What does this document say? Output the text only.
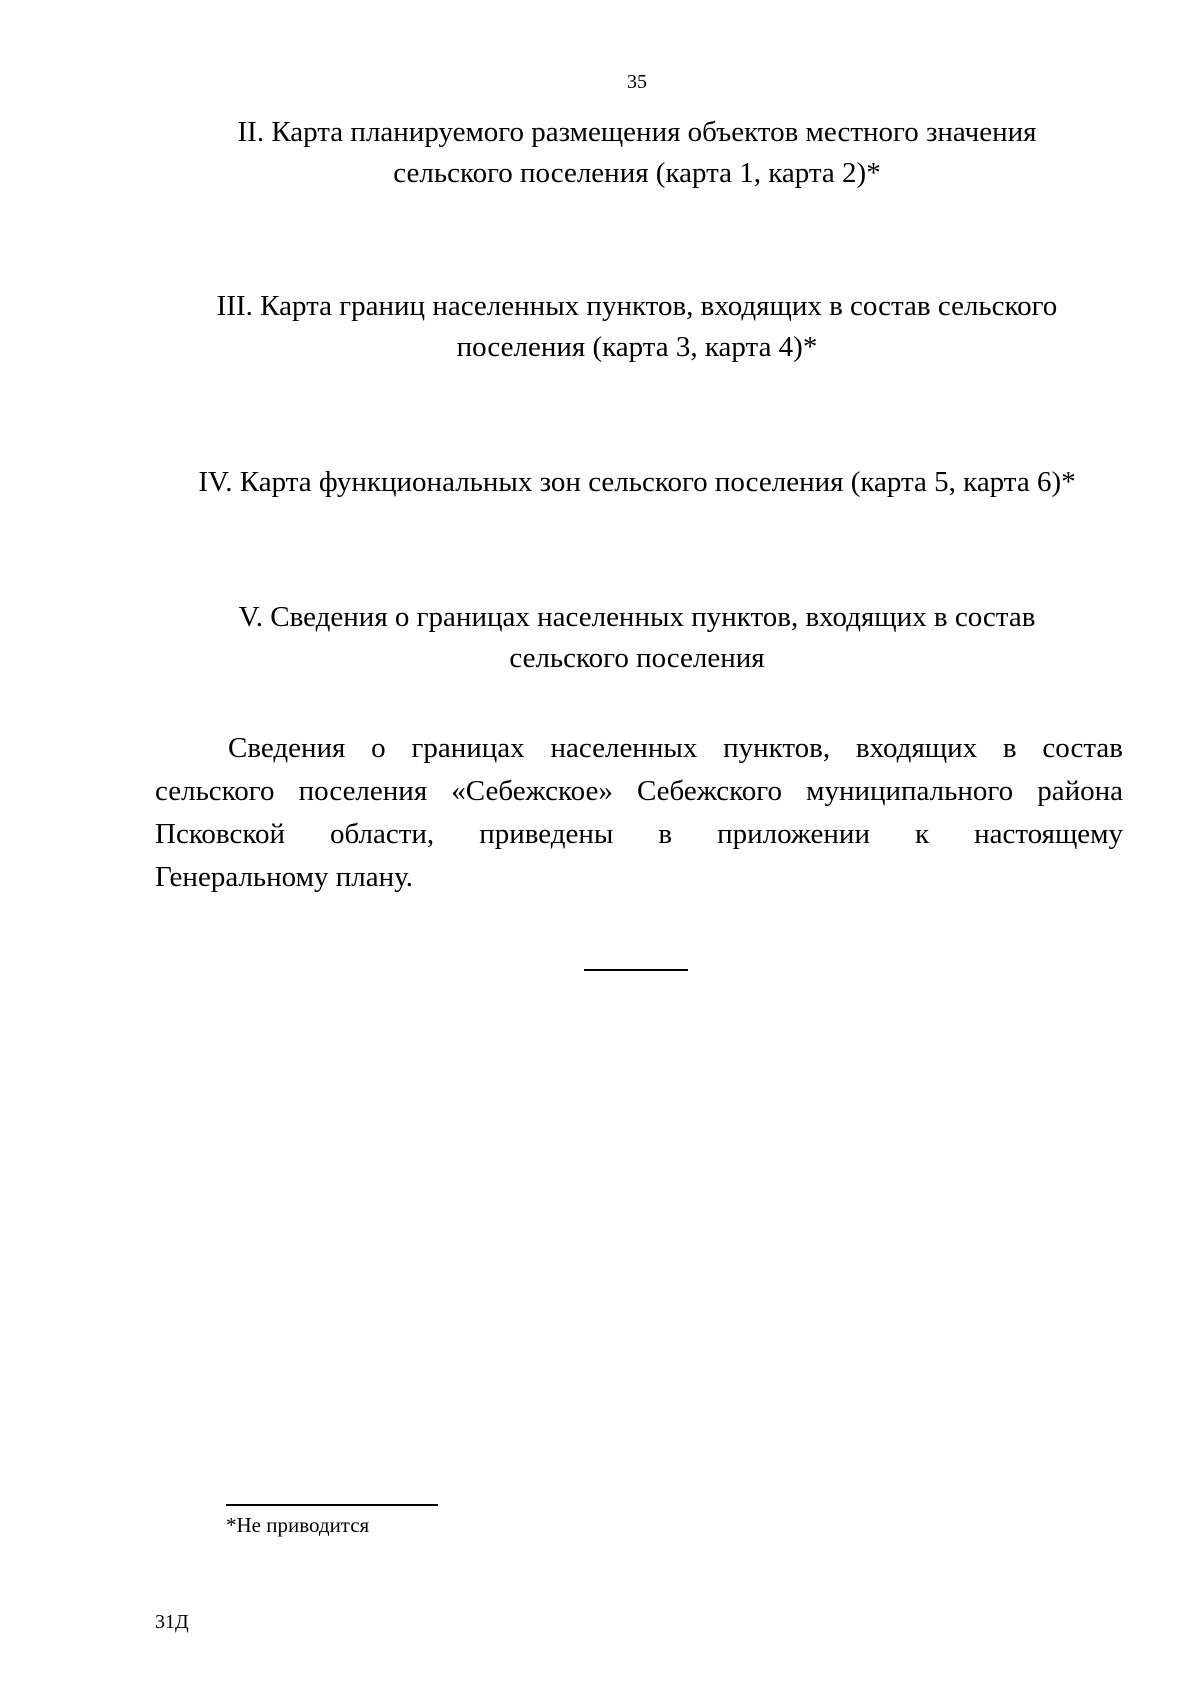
35
II. Карта планируемого размещения объектов местного значения
сельского поселения (карта 1, карта 2)*
III. Карта границ населенных пунктов, входящих в состав сельского
поселения (карта 3, карта 4)*
IV. Карта функциональных зон сельского поселения (карта 5, карта 6)*
V. Сведения о границах населенных пунктов, входящих в состав
сельского поселения
Сведения о границах населенных пунктов, входящих в состав
сельского поселения «Себежское» Себежского муниципального района
Псковской области, приведены в приложении к настоящему
Генеральному плану.
*Не приводится
31Д
